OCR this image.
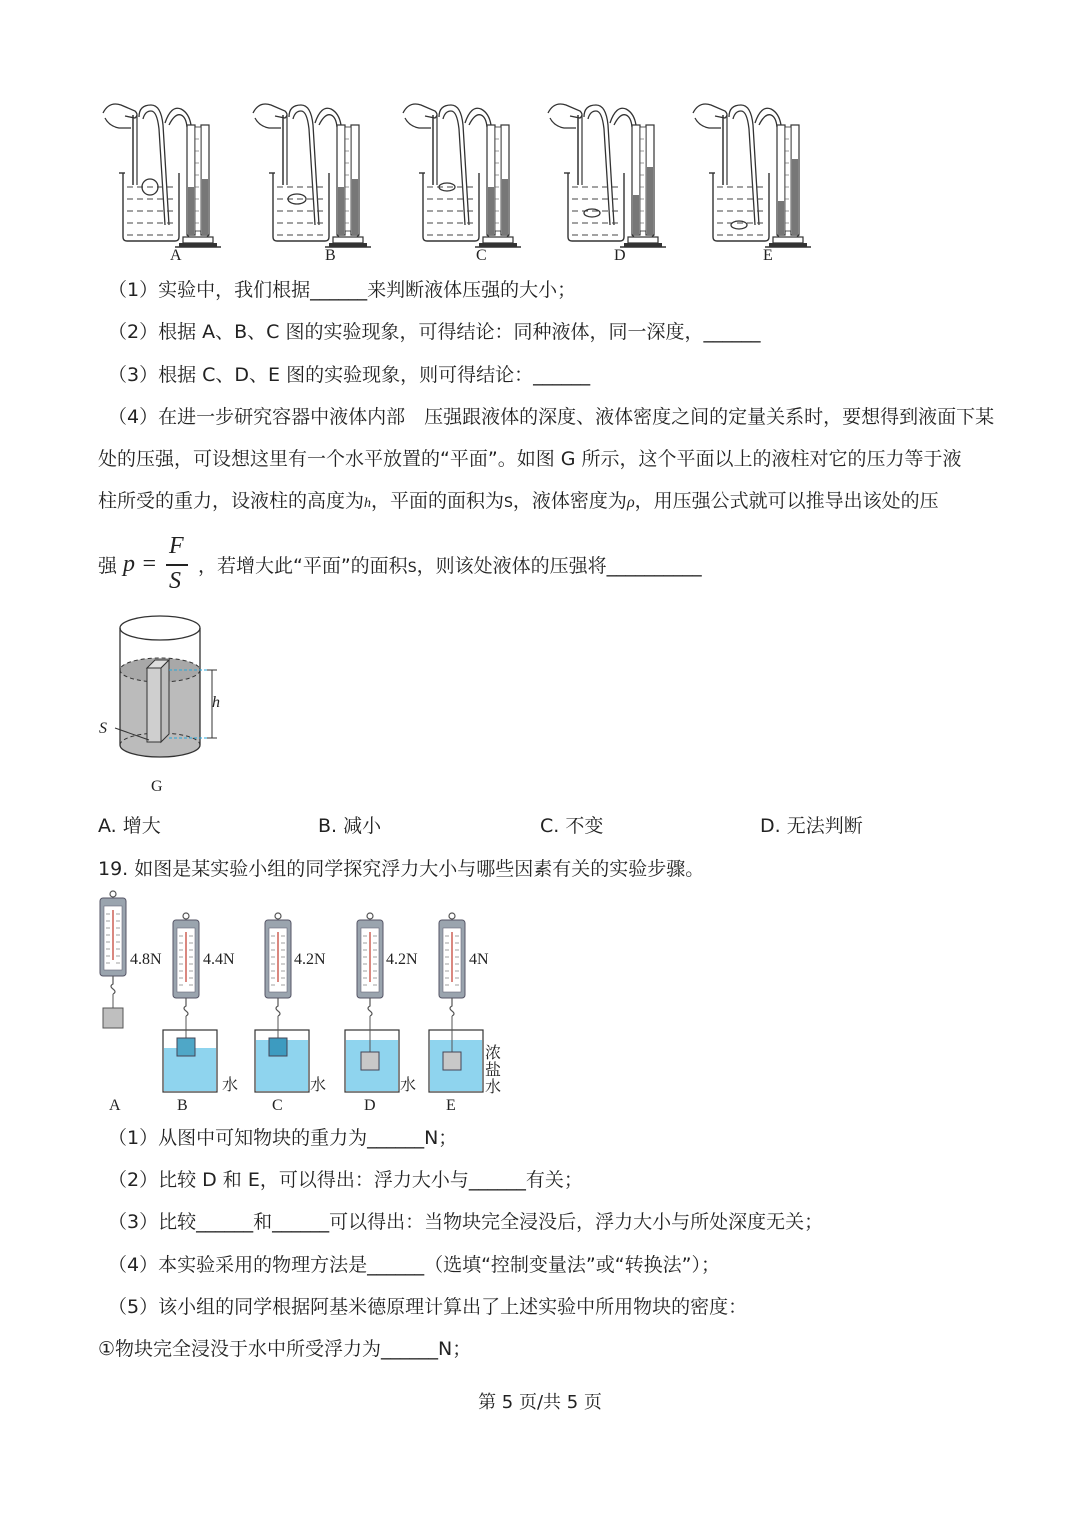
A	B	C	D	E
（1）实验中，我们根据______来判断液体压强的大小；
（2）根据 A、B、C 图的实验现象，可得结论：同种液体，同一深度，______
（3）根据 C、D、E 图的实验现象，则可得结论：______
（4）在进一步研究容器中液体内部　压强跟液体的深度、液体密度之间的定量关系时，要想得到液面下某
处的压强，可设想这里有一个水平放置的“平面”。如图 G 所示，这个平面以上的液柱对它的压力等于液
柱所受的重力，设液柱的高度为h，平面的面积为S，液体密度为ρ，用压强公式就可以推导出该处的压
强 p =
F
S
，若增大此“平面”的面积S，则该处液体的压强将__________
h
S
G
A. 增大	B. 减小	C. 不变	D. 无法判断
19. 如图是某实验小组的同学探究浮力大小与哪些因素有关的实验步骤。
4.8N	4.4N	4.2N	4.2N	4N
水	水	水
浓
盐
水
A	B	C	D	E
（1）从图中可知物块的重力为______N；
（2）比较 D 和 E，可以得出：浮力大小与______有关；
（3）比较______和______可以得出：当物块完全浸没后，浮力大小与所处深度无关；
（4）本实验采用的物理方法是______（选填“控制变量法”或“转换法”）；
（5）该小组的同学根据阿基米德原理计算出了上述实验中所用物块的密度：
①物块完全浸没于水中所受浮力为______N；
第 5 页/共 5 页
